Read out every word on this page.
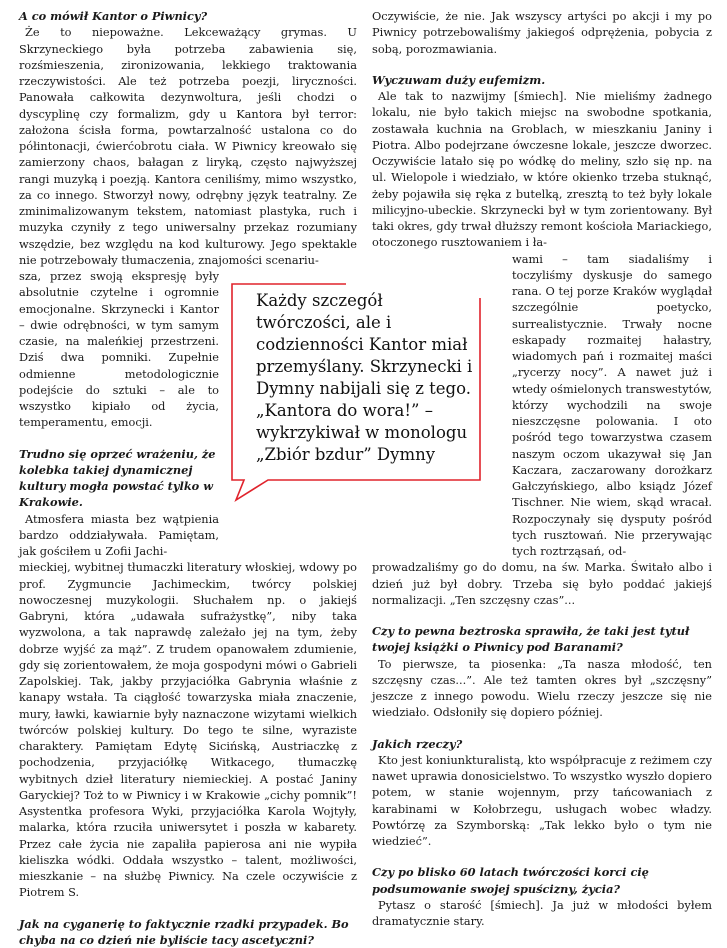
A co mówił Kantor o Piwnicy?

Że to niepoważne. Lekceważący grymas. U Skrzyneckiego była potrzeba zabawienia się, rozśmieszenia, zironizowania, lekkiego traktowania rzeczywistości. Ale też potrzeba poezji, liryczności. Panowała całkowita dezynwoltura, jeśli chodzi o dyscyplinę czy formalizm, gdy u Kantora był terror: założona ścisła forma, powtarzalność ustalona co do półintonacji, ćwierćobrotu ciała. W Piwnicy kreowało się zamierzony chaos, bałagan z liryką, często najwyższej rangi muzyką i poezją. Kantora ceniliśmy, mimo wszystko, za co innego. Stworzył nowy, odrębny język teatralny. Ze zminimalizowanym tekstem, natomiast plastyka, ruch i muzyka czyniły z tego uniwersalny przekaz rozumiany wszędzie, bez względu na kod kulturowy. Jego spektakle nie potrzebowały tłumaczenia, znajomości scenariu-

sza, przez swoją ekspresję były absolutnie czytelne i ogromnie emocjonalne. Skrzynecki i Kantor – dwie odrębności, w tym samym czasie, na maleńkiej przestrzeni. Dziś dwa pomniki. Zupełnie odmienne metodologicznie podejście do sztuki – ale to wszystko kipiało od życia, temperamentu, emocji.

Trudno się oprzeć wrażeniu, że kolebka takiej dynamicznej kultury mogła powstać tylko w Krakowie.

Atmosfera miasta bez wątpienia bardzo oddziaływała. Pamiętam, jak gościłem u Zofii Jachi-

mieckiej, wybitnej tłumaczki literatury włoskiej, wdowy po prof. Zygmuncie Jachimeckim, twórcy polskiej nowoczesnej muzykologii. Słuchałem np. o jakiejś Gabryni, która „udawała sufrażystkę”, niby taka wyzwolona, a tak naprawdę zależało jej na tym, żeby dobrze wyjść za mąż”. Z trudem opanowałem zdumienie, gdy się zorientowałem, że moja gospodyni mówi o Gabrieli Zapolskiej. Tak, jakby przyjaciółka Gabrynia właśnie z kanapy wstała. Ta ciągłość towarzyska miała znaczenie, mury, ławki, kawiarnie były naznaczone wizytami wielkich twórców polskiej kultury. Do tego te silne, wyraziste charaktery. Pamiętam Edytę Sicińską, Austriaczkę z pochodzenia, przyjaciółkę Witkacego, tłumaczkę wybitnych dzieł literatury niemieckiej. A postać Janiny Garyckiej? Toż to w Piwnicy i w Krakowie „cichy pomnik”! Asystentka profesora Wyki, przyjaciółka Karola Wojtyły, malarka, która rzuciła uniwersytet i poszła w kabarety. Przez całe życia nie zapaliła papierosa ani nie wypiła kieliszka wódki. Oddała wszystko – talent, możliwości, mieszkanie – na służbę Piwnicy. Na czele oczywiście z Piotrem S.

Jak na cyganerię to faktycznie rzadki przypadek. Bo chyba na co dzień nie byliście tacy ascetyczni?

Oczywiście, że nie. Jak wszyscy artyści po akcji i my po Piwnicy potrzebowaliśmy jakiegoś odprężenia, pobycia z sobą, porozmawiania.

Wyczuwam duży eufemizm.

Ale tak to nazwijmy [śmiech]. Nie mieliśmy żadnego lokalu, nie było takich miejsc na swobodne spotkania, zostawała kuchnia na Groblach, w mieszkaniu Janiny i Piotra. Albo podejrzane ówczesne lokale, jeszcze dworzec. Oczywiście latało się po wódkę do meliny, szło się np. na ul. Wielopole i wiedziało, w które okienko trzeba stuknąć, żeby pojawiła się ręka z butelką, zresztą to też były lokale milicyjno-ubeckie. Skrzynecki był w tym zorientowany. Był taki okres, gdy trwał dłuższy remont kościoła Mariackiego, otoczonego rusztowaniem i ła-

wami – tam siadaliśmy i toczyliśmy dyskusje do samego rana. O tej porze Kraków wyglądał szczególnie poetycko, surrealistycznie. Trwały nocne eskapady rozmaitej hałastry, wiadomych pań i rozmaitej maści „rycerzy nocy”. A nawet już i wtedy ośmielonych transwestytów, którzy wychodzili na swoje nieszczęsne polowania. I oto pośród tego towarzystwa czasem naszym oczom ukazywał się Jan Kaczara, zaczarowany dorożkarz Gałczyńskiego, albo ksiądz Józef Tischner. Nie wiem, skąd wracał. Rozpoczynały się dysputy pośród tych rusztowań. Nie przerywając tych roztrząsań, od-

prowadzaliśmy go do domu, na św. Marka. Świtało albo i dzień już był dobry. Trzeba się było poddać jakiejś normalizacji. „Ten szczęsny czas”...

Czy to pewna beztroska sprawiła, że taki jest tytuł twojej książki o Piwnicy pod Baranami?

To pierwsze, ta piosenka: „Ta nasza młodość, ten szczęsny czas...”. Ale też tamten okres był „szczęsny” jeszcze z innego powodu. Wielu rzeczy jeszcze się nie wiedziało. Odsłoniły się dopiero później.

Jakich rzeczy?

Kto jest koniunkturalistą, kto współpracuje z reżimem czy nawet uprawia donosicielstwo. To wszystko wyszło dopiero potem, w stanie wojennym, przy tańcowaniach z karabinami w Kołobrzegu, usługach wobec władzy. Powtórzę za Szymborską: „Tak lekko było o tym nie wiedzieć”.

Czy po blisko 60 latach twórczości korci cię podsumowanie swojej spuścizny, życia?

Pytasz o starość [śmiech]. Ja już w młodości byłem dramatycznie stary.

Każdy szczegół twórczości, ale i codzienności Kantor miał przemyślany. Skrzynecki i Dymny nabijali się z tego. „Kantora do wora!” – wykrzykiwał w monologu „Zbiór bzdur” Dymny
